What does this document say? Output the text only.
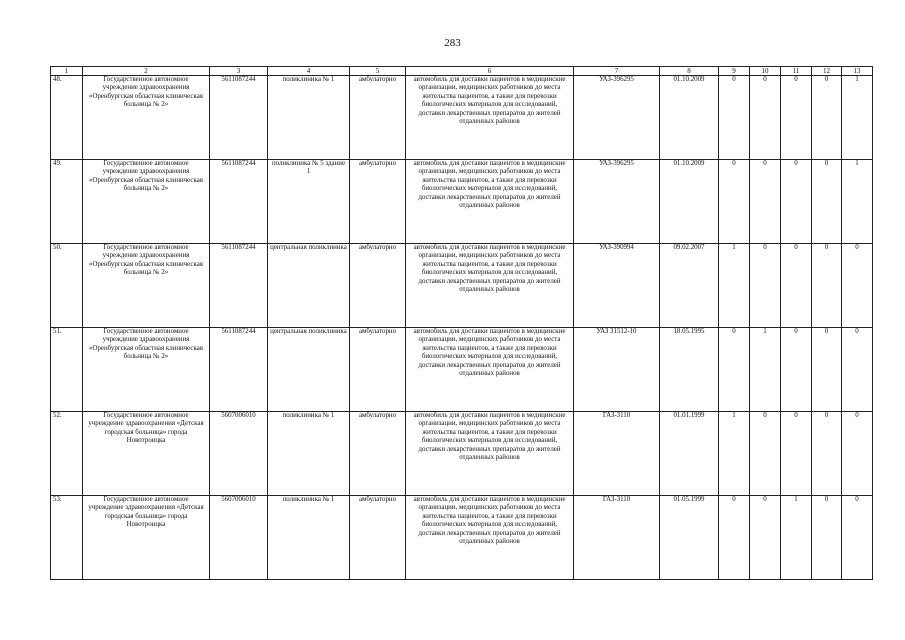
283
1	2	3	4	5	6	7	8	9	10	11	12	13
48.	Государственное автономное учреждение здравоохранения «Оренбургская областная клиническая больница № 2»	5611087244	поликлиника № 1	амбулаторно	автомобиль для доставки пациентов в медицинские организации, медицинских работников до места жительства пациентов, а также для перевозки биологических материалов для исследований, доставки лекарственных препаратов до жителей отдаленных районов	УАЗ-396295	01.10.2009	0	0	0	0	1
49.	Государственное автономное учреждение здравоохранения «Оренбургская областная клиническая больница № 2»	5611087244	поликлиника № 5 здание 1	амбулаторно	автомобиль для доставки пациентов в медицинские организации, медицинских работников до места жительства пациентов, а также для перевозки биологических материалов для исследований, доставки лекарственных препаратов до жителей отдаленных районов	УАЗ-396295	01.10.2009	0	0	0	0	1
50.	Государственное автономное учреждение здравоохранения «Оренбургская областная клиническая больница № 2»	5611087244	центральная поликлиника	амбулаторно	автомобиль для доставки пациентов в медицинские организации, медицинских работников до места жительства пациентов, а также для перевозки биологических материалов для исследований, доставки лекарственных препаратов до жителей отдаленных районов	УАЗ-390994	09.02.2007	1	0	0	0	0
51.	Государственное автономное учреждение здравоохранения «Оренбургская областная клиническая больница № 2»	5611087244	центральная поликлиника	амбулаторно	автомобиль для доставки пациентов в медицинские организации, медицинских работников до места жительства пациентов, а также для перевозки биологических материалов для исследований, доставки лекарственных препаратов до жителей отдаленных районов	УАЗ 31512-10	18.05.1995	0	1	0	0	0
52.	Государственное автономное учреждение здравоохранения «Детская городская больница» города Новотроицка	5607006010	поликлиника № 1	амбулаторно	автомобиль для доставки пациентов в медицинские организации, медицинских работников до места жительства пациентов, а также для перевозки биологических материалов для исследований, доставки лекарственных препаратов до жителей отдаленных районов	ГАЗ-3110	01.01.1999	1	0	0	0	0
53.	Государственное автономное учреждение здравоохранения «Детская городская больница» города Новотроицка	5607006010	поликлиника № 1	амбулаторно	автомобиль для доставки пациентов в медицинские организации, медицинских работников до места жительства пациентов, а также для перевозки биологических материалов для исследований, доставки лекарственных препаратов до жителей отдаленных районов	ГАЗ-3110	01.05.1999	0	0	1	0	0
